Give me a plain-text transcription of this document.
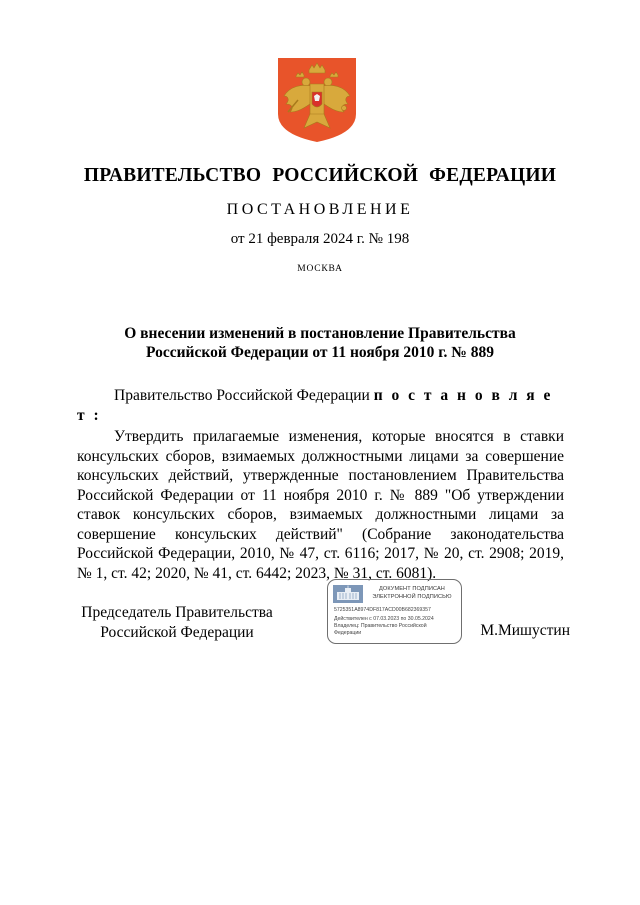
ПРАВИТЕЛЬСТВО РОССИЙСКОЙ ФЕДЕРАЦИИ
ПОСТАНОВЛЕНИЕ
от 21 февраля 2024 г. № 198
МОСКВА
О внесении изменений в постановление Правительства
Российской Федерации от 11 ноября 2010 г. № 889

Правительство Российской Федерации п о с т а н о в л я е т :

Утвердить прилагаемые изменения, которые вносятся в ставки консульских сборов, взимаемых должностными лицами за совершение консульских действий, утвержденные постановлением Правительства Российской Федерации от 11 ноября 2010 г. № 889 "Об утверждении ставок консульских сборов, взимаемых должностными лицами за совершение консульских действий" (Собрание законодательства Российской Федерации, 2010, № 47, ст. 6116; 2017, № 20, ст. 2908; 2019, № 1, ст. 42; 2020, № 41, ст. 6442; 2023, № 31, ст. 6081).

Председатель Правительства
Российской Федерации
ДОКУМЕНТ ПОДПИСАН
ЭЛЕКТРОННОЙ ПОДПИСЬЮ
5725351A8974DF817ACD00B682369357
Действителен с 07.03.2023 по 30.05.2024
Владелец: Правительство Российской
Федерации	М.Мишустин
